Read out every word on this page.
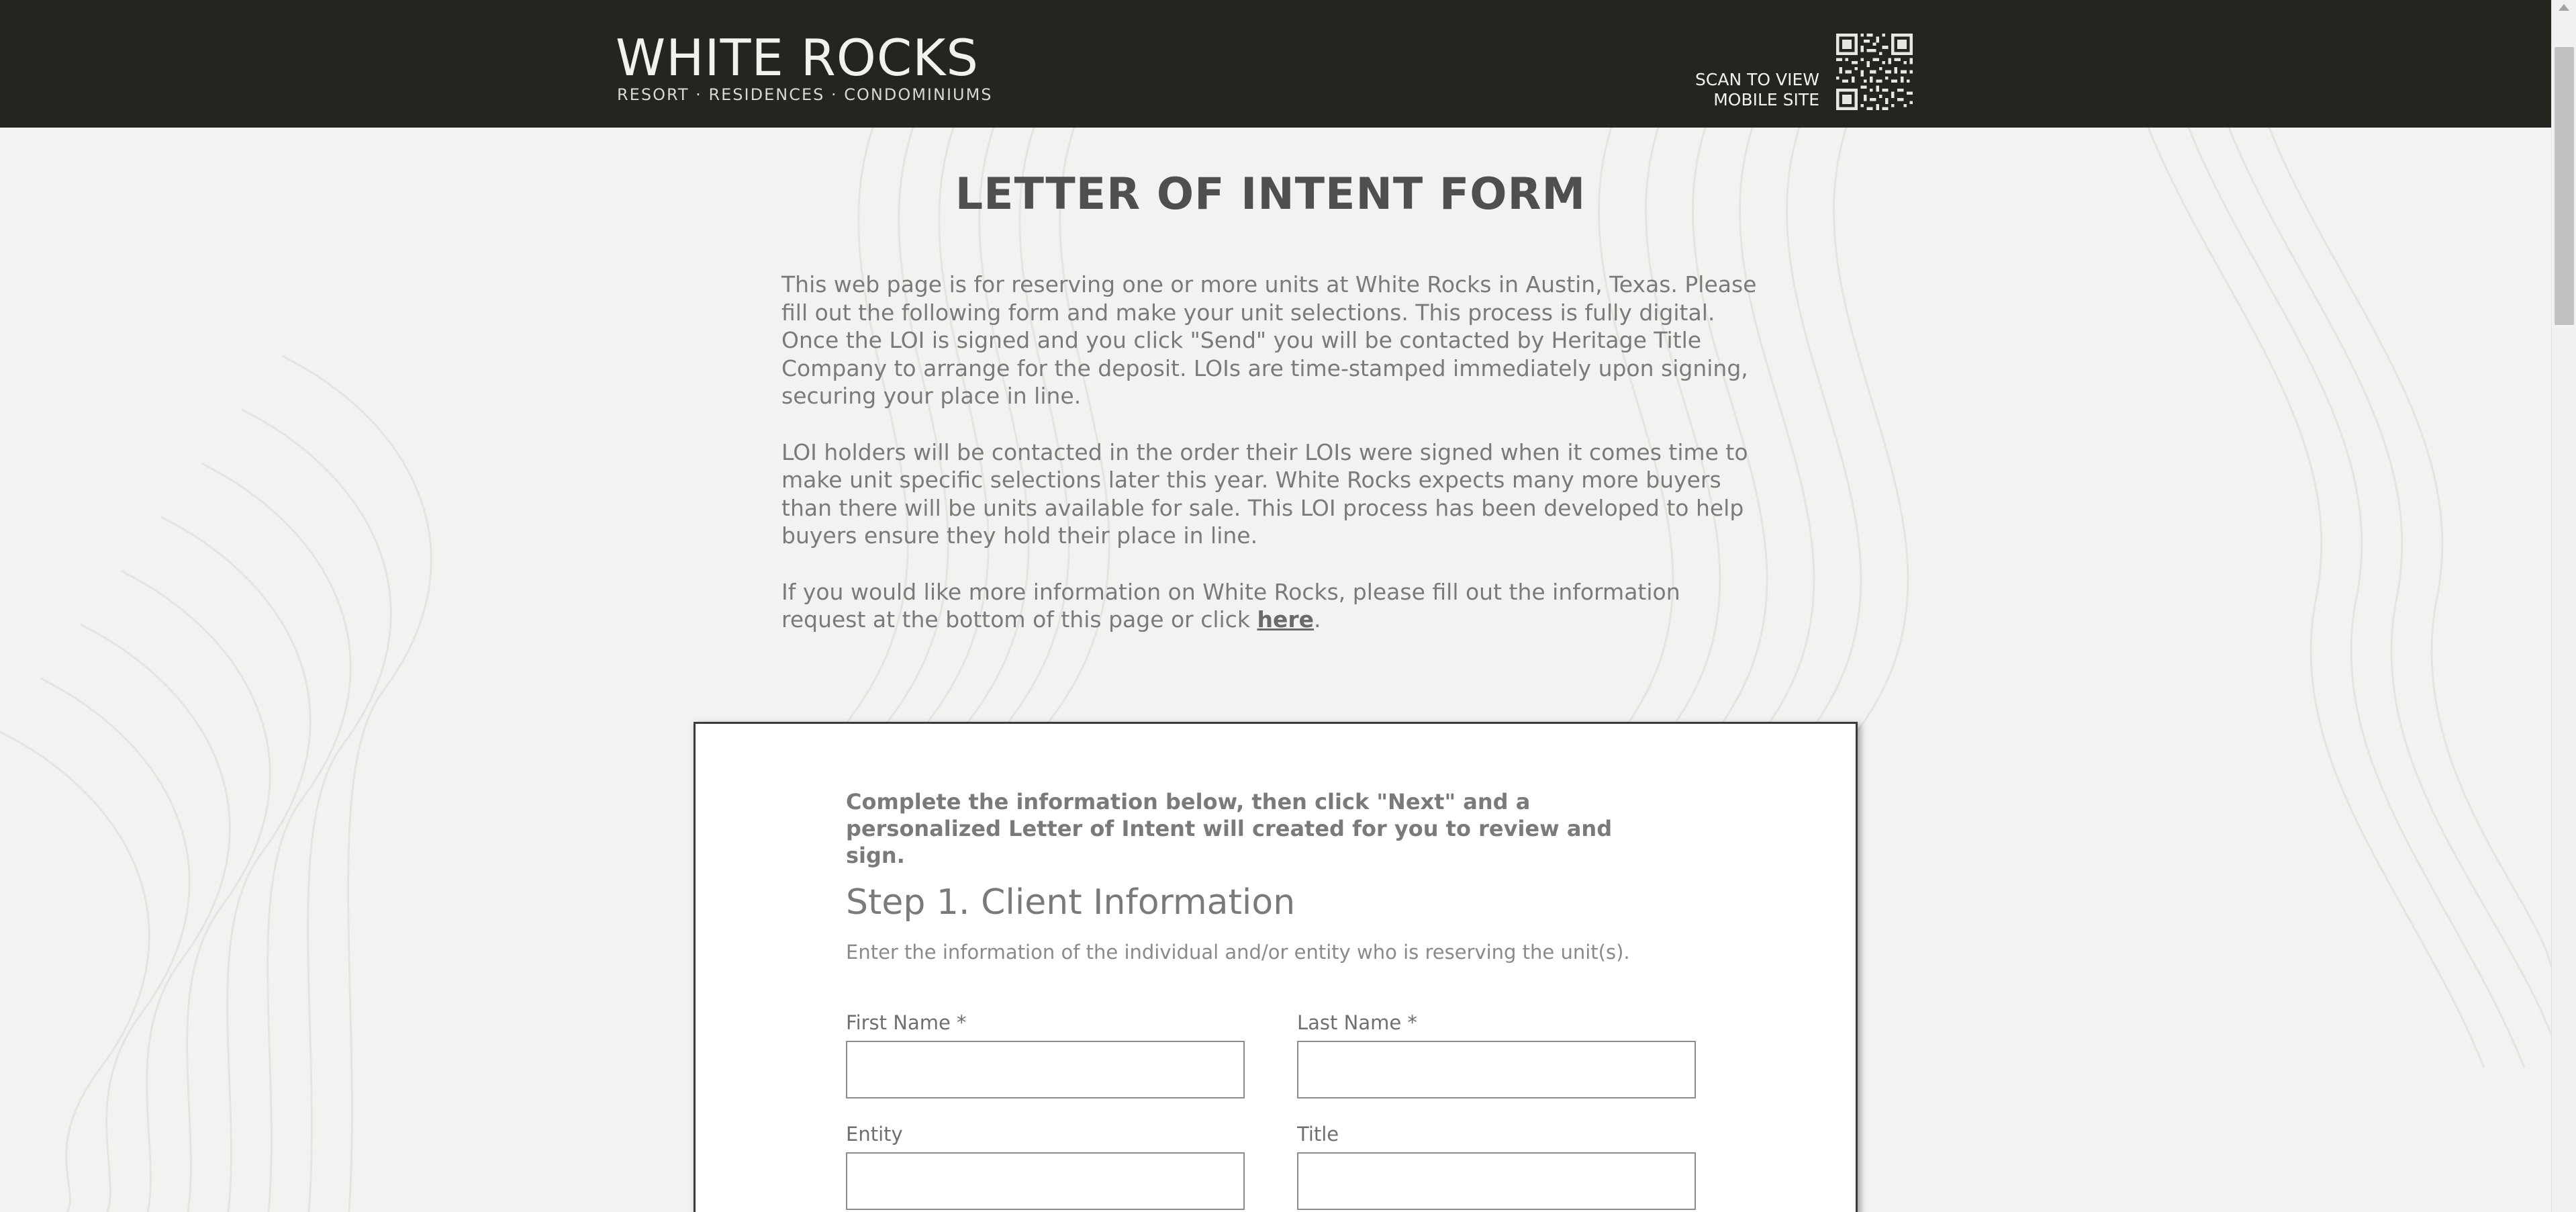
WHITE ROCKS
RESORT · RESIDENCES · CONDOMINIUMS
SCAN TO VIEW
MOBILE SITE
LETTER OF INTENT FORM

This web page is for reserving one or more units at White Rocks in Austin, Texas. Please fill out the following form and make your unit selections. This process is fully digital. Once the LOI is signed and you click "Send" you will be contacted by Heritage Title Company to arrange for the deposit. LOIs are time-stamped immediately upon signing, securing your place in line.

LOI holders will be contacted in the order their LOIs were signed when it comes time to make unit specific selections later this year. White Rocks expects many more buyers than there will be units available for sale. This LOI process has been developed to help buyers ensure they hold their place in line.

If you would like more information on White Rocks, please fill out the information request at the bottom of this page or click here.

Complete the information below, then click "Next" and a personalized Letter of Intent will created for you to review and sign.
Step 1. Client Information
Enter the information of the individual and/or entity who is reserving the unit(s).
First Name *	Last Name *
Entity	Title
